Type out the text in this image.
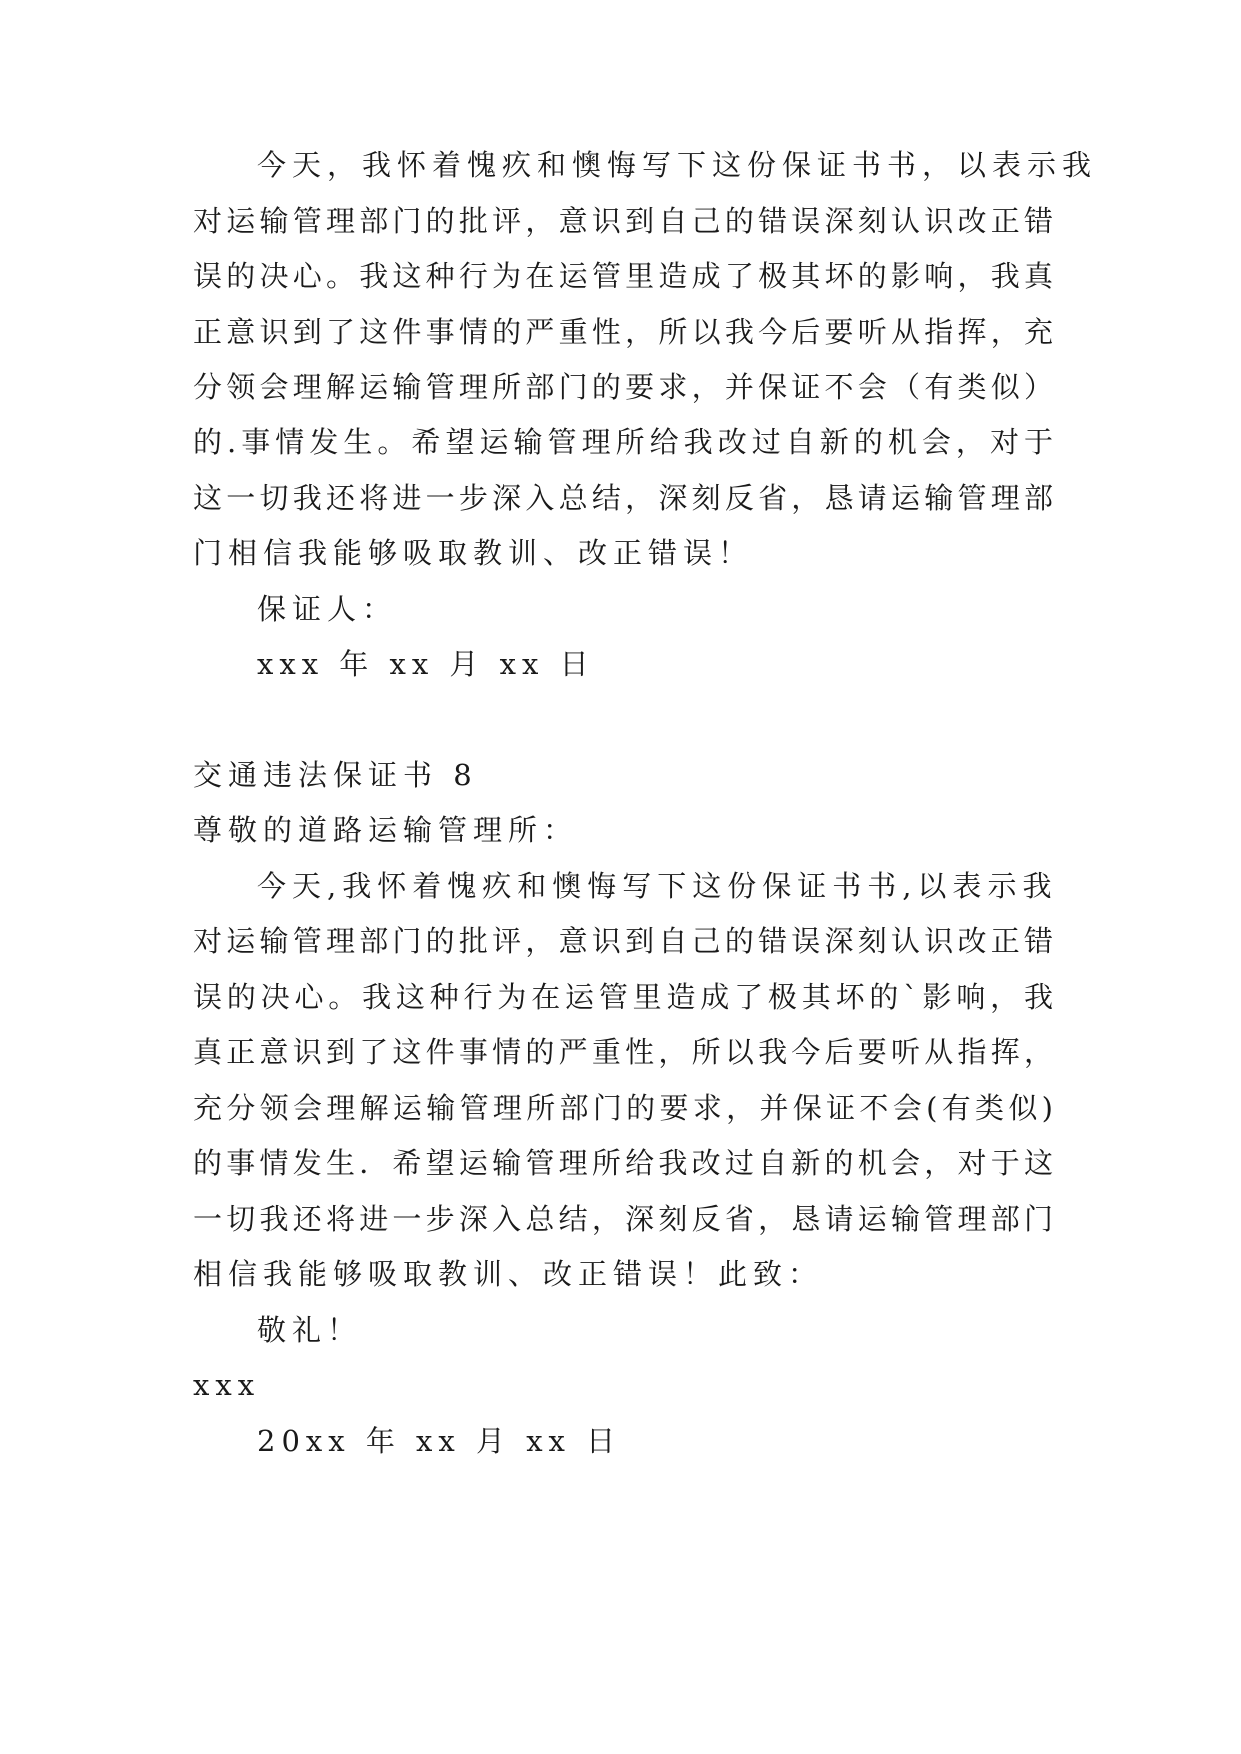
今天，我怀着愧疚和懊悔写下这份保证书书，以表示我
对运输管理部门的批评，意识到自己的错误深刻认识改正错
误的决心。我这种行为在运管里造成了极其坏的影响，我真
正意识到了这件事情的严重性，所以我今后要听从指挥，充
分领会理解运输管理所部门的要求，并保证不会（有类似）
的.事情发生。希望运输管理所给我改过自新的机会，对于
这一切我还将进一步深入总结，深刻反省，恳请运输管理部
门相信我能够吸取教训、改正错误！
保证人：
xxx 年 xx 月 xx 日
交通违法保证书 8
尊敬的道路运输管理所：
今天,我怀着愧疚和懊悔写下这份保证书书,以表示我
对运输管理部门的批评，意识到自己的错误深刻认识改正错
误的决心。我这种行为在运管里造成了极其坏的`影响，我
真正意识到了这件事情的严重性，所以我今后要听从指挥，
充分领会理解运输管理所部门的要求，并保证不会(有类似)
的事情发生．希望运输管理所给我改过自新的机会，对于这
一切我还将进一步深入总结，深刻反省，恳请运输管理部门
相信我能够吸取教训、改正错误！此致：
敬礼！
xxx
20xx 年 xx 月 xx 日
